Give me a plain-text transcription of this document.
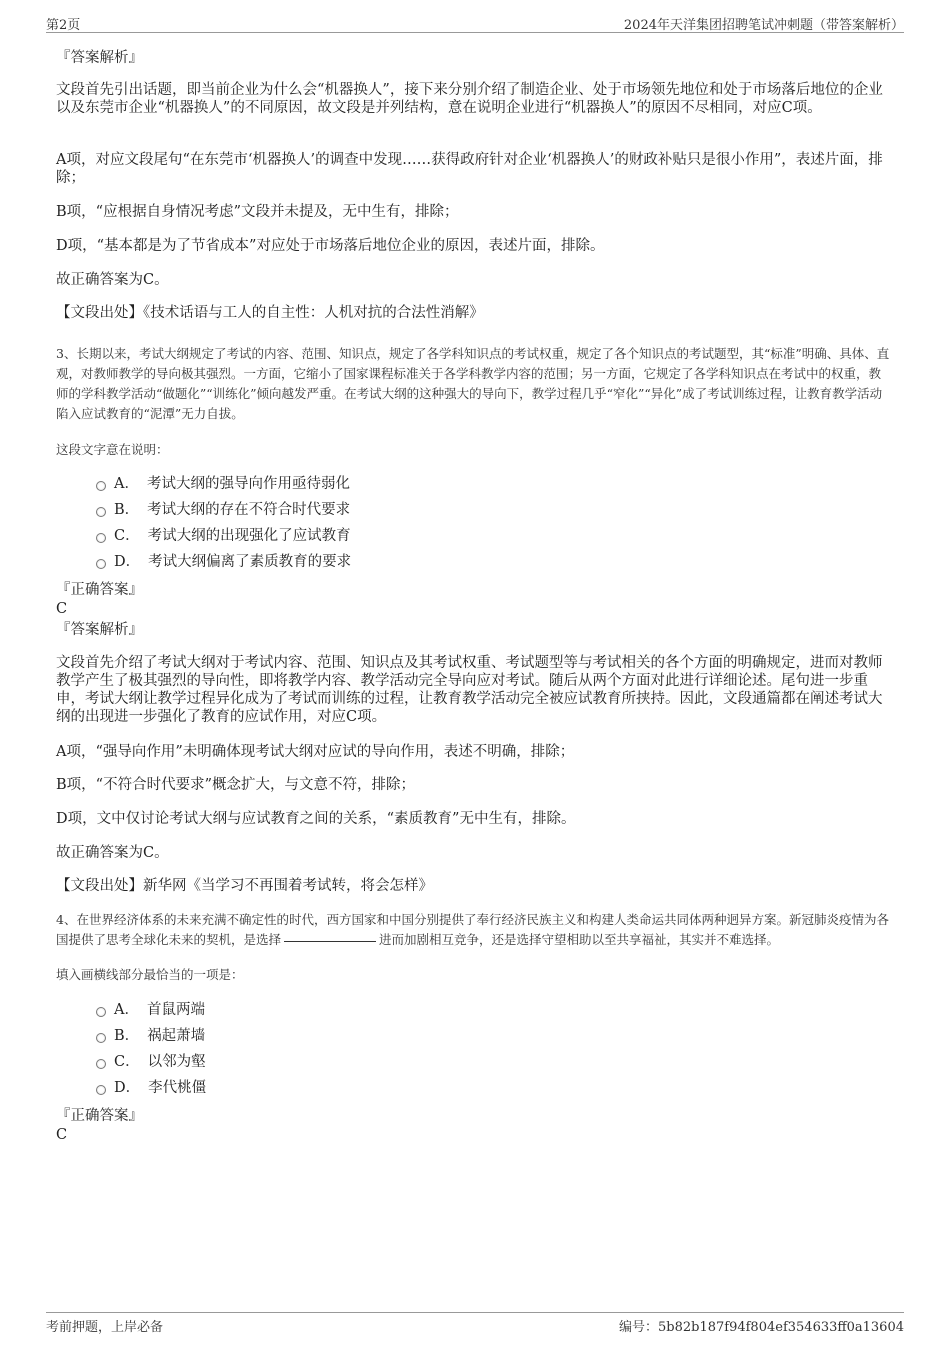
第2页	2024年天洋集团招聘笔试冲刺题（带答案解析）
『答案解析』
文段首先引出话题，即当前企业为什么会“机器换人”，接下来分别介绍了制造企业、处于市场领先地位和处于市场落后地位的企业以及东莞市企业“机器换人”的不同原因，故文段是并列结构，意在说明企业进行“机器换人”的原因不尽相同，对应C项。
A项，对应文段尾句“在东莞市‘机器换人’的调查中发现……获得政府针对企业‘机器换人’的财政补贴只是很小作用”，表述片面，排除；
B项，“应根据自身情况考虑”文段并未提及，无中生有，排除；
D项，“基本都是为了节省成本”对应处于市场落后地位企业的原因，表述片面，排除。
故正确答案为C。
【文段出处】《技术话语与工人的自主性：人机对抗的合法性消解》
3、长期以来，考试大纲规定了考试的内容、范围、知识点，规定了各学科知识点的考试权重，规定了各个知识点的考试题型，其“标准”明确、具体、直观，对教师教学的导向极其强烈。一方面，它缩小了国家课程标准关于各学科教学内容的范围；另一方面，它规定了各学科知识点在考试中的权重，教师的学科教学活动“做题化”“训练化”倾向越发严重。在考试大纲的这种强大的导向下，教学过程几乎“窄化”“异化”成了考试训练过程，让教育教学活动陷入应试教育的“泥潭”无力自拔。
这段文字意在说明：
A． 考试大纲的强导向作用亟待弱化
B． 考试大纲的存在不符合时代要求
C． 考试大纲的出现强化了应试教育
D． 考试大纲偏离了素质教育的要求
『正确答案』
C
『答案解析』
文段首先介绍了考试大纲对于考试内容、范围、知识点及其考试权重、考试题型等与考试相关的各个方面的明确规定，进而对教师教学产生了极其强烈的导向性，即将教学内容、教学活动完全导向应对考试。随后从两个方面对此进行详细论述。尾句进一步重申，考试大纲让教学过程异化成为了考试而训练的过程，让教育教学活动完全被应试教育所挟持。因此，文段通篇都在阐述考试大纲的出现进一步强化了教育的应试作用，对应C项。
A项，“强导向作用”未明确体现考试大纲对应试的导向作用，表述不明确，排除；
B项，“不符合时代要求”概念扩大，与文意不符，排除；
D项，文中仅讨论考试大纲与应试教育之间的关系，“素质教育”无中生有，排除。
故正确答案为C。
【文段出处】新华网《当学习不再围着考试转，将会怎样》
4、在世界经济体系的未来充满不确定性的时代，西方国家和中国分别提供了奉行经济民族主义和构建人类命运共同体两种迥异方案。新冠肺炎疫情为各国提供了思考全球化未来的契机，是选择	进而加剧相互竞争，还是选择守望相助以至共享福祉，其实并不难选择。
填入画横线部分最恰当的一项是：
A． 首鼠两端
B． 祸起萧墙
C． 以邻为壑
D． 李代桃僵
『正确答案』
C
考前押题，上岸必备	编号：5b82b187f94f804ef354633ff0a13604
